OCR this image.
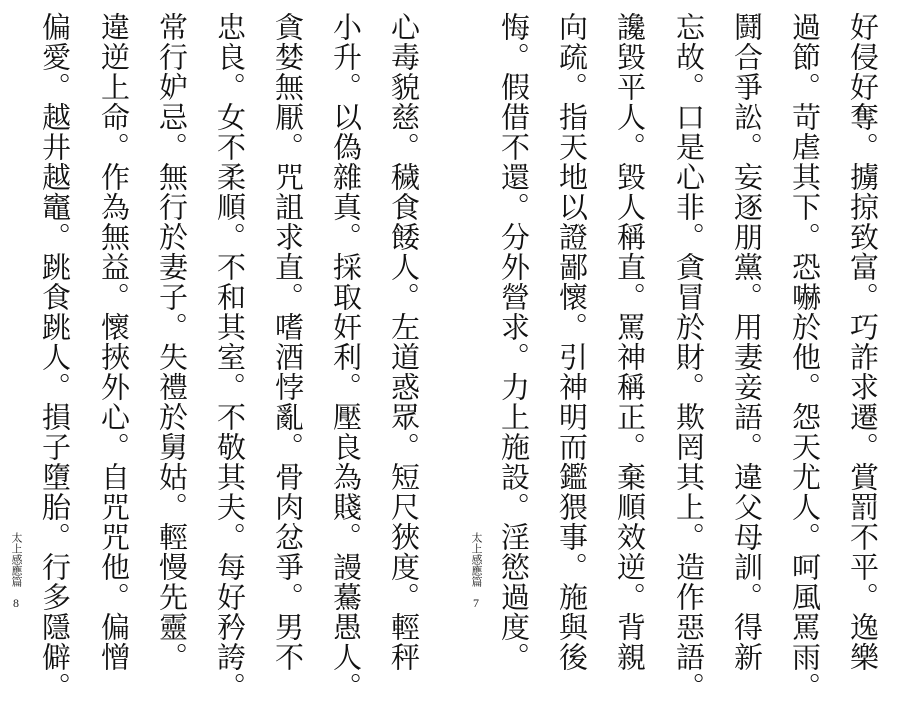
好侵好奪。擄掠致富。巧詐求遷。賞罰不平。逸樂
過節。苛虐其下。恐嚇於他。怨天尤人。呵風罵雨。
鬪合爭訟。妄逐朋黨。用妻妾語。違父母訓。得新
忘故。口是心非。貪冒於財。欺罔其上。造作惡語。
讒毀平人。毀人稱直。罵神稱正。棄順效逆。背親
向疏。指天地以證鄙懷。引神明而鑑猥事。施與後
悔。假借不還。分外營求。力上施設。淫慾過度。
太上感應篇
7
心毒貌慈。穢食餧人。左道惑眾。短尺狹度。輕秤
小升。以偽雜真。採取奸利。壓良為賤。謾驀愚人。
貪婪無厭。咒詛求直。嗜酒悖亂。骨肉忿爭。男不
忠良。女不柔順。不和其室。不敬其夫。每好矜誇。
常行妒忌。無行於妻子。失禮於舅姑。輕慢先靈。
違逆上命。作為無益。懷挾外心。自咒咒他。偏憎
偏愛。越井越竈。跳食跳人。損子墮胎。行多隱僻。
太上感應篇
8
